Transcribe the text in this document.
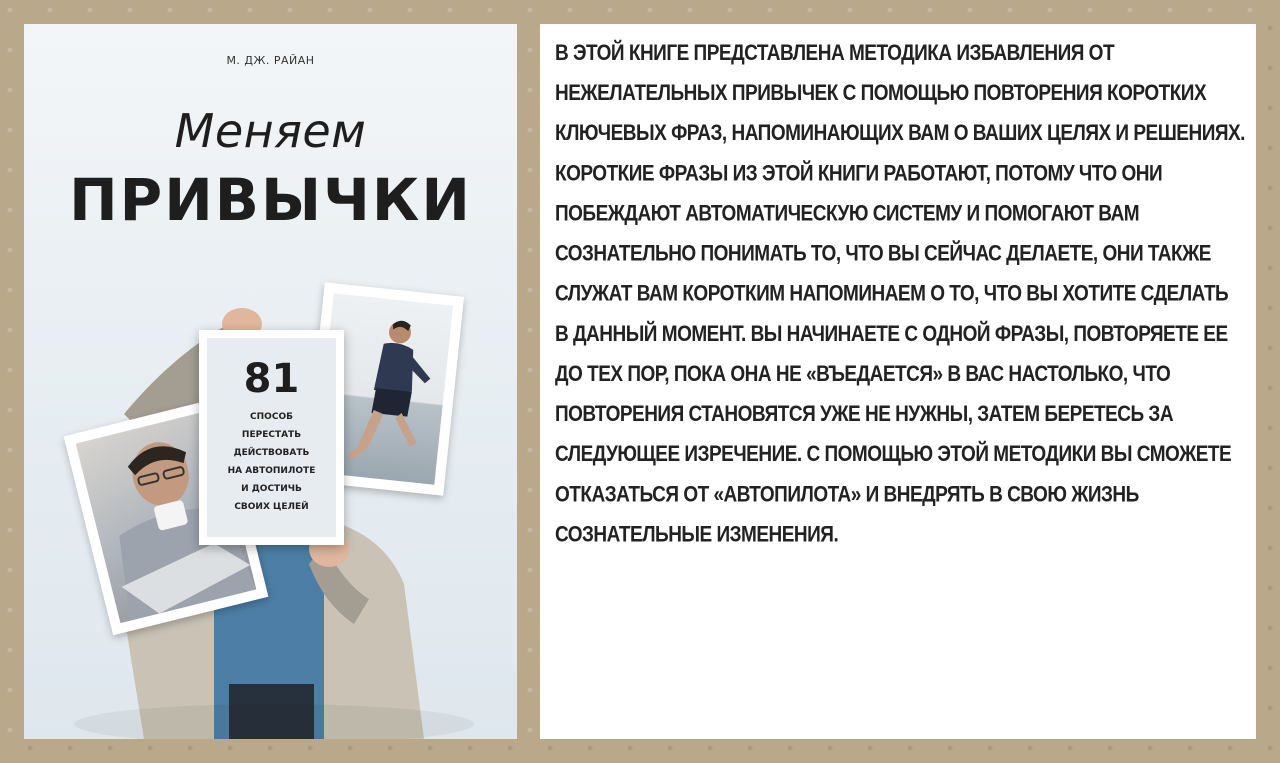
М. ДЖ. РАЙАН
Меняем
ПРИВЫЧКИ
81
СПОСОБ
ПЕРЕСТАТЬ
ДЕЙСТВОВАТЬ
НА АВТОПИЛОТЕ
И ДОСТИЧЬ
СВОИХ ЦЕЛЕЙ
В ЭТОЙ КНИГЕ ПРЕДСТАВЛЕНА МЕТОДИКА ИЗБАВЛЕНИЯ ОТ НЕЖЕЛАТЕЛЬНЫХ ПРИВЫЧЕК С ПОМОЩЬЮ ПОВТОРЕНИЯ КОРОТКИХ КЛЮЧЕВЫХ ФРАЗ, НАПОМИНАЮЩИХ ВАМ О ВАШИХ ЦЕЛЯХ И РЕШЕНИЯХ. КОРОТКИЕ ФРАЗЫ ИЗ ЭТОЙ КНИГИ РАБОТАЮТ, ПОТОМУ ЧТО ОНИ ПОБЕЖДАЮТ АВТОМАТИЧЕСКУЮ СИСТЕМУ И ПОМОГАЮТ ВАМ СОЗНАТЕЛЬНО ПОНИМАТЬ ТО, ЧТО ВЫ СЕЙЧАС ДЕЛАЕТЕ, ОНИ ТАКЖЕ СЛУЖАТ ВАМ КОРОТКИМ НАПОМИНАЕМ О ТО, ЧТО ВЫ ХОТИТЕ СДЕЛАТЬ В ДАННЫЙ МОМЕНТ. ВЫ НАЧИНАЕТЕ С ОДНОЙ ФРАЗЫ, ПОВТОРЯЕТЕ ЕЕ ДО ТЕХ ПОР, ПОКА ОНА НЕ «ВЪЕДАЕТСЯ» В ВАС НАСТОЛЬКО, ЧТО ПОВТОРЕНИЯ СТАНОВЯТСЯ УЖЕ НЕ НУЖНЫ, ЗАТЕМ БЕРЕТЕСЬ ЗА СЛЕДУЮЩЕЕ ИЗРЕЧЕНИЕ. С ПОМОЩЬЮ ЭТОЙ МЕТОДИКИ ВЫ СМОЖЕТЕ ОТКАЗАТЬСЯ ОТ «АВТОПИЛОТА» И ВНЕДРЯТЬ В СВОЮ ЖИЗНЬ СОЗНАТЕЛЬНЫЕ ИЗМЕНЕНИЯ.
